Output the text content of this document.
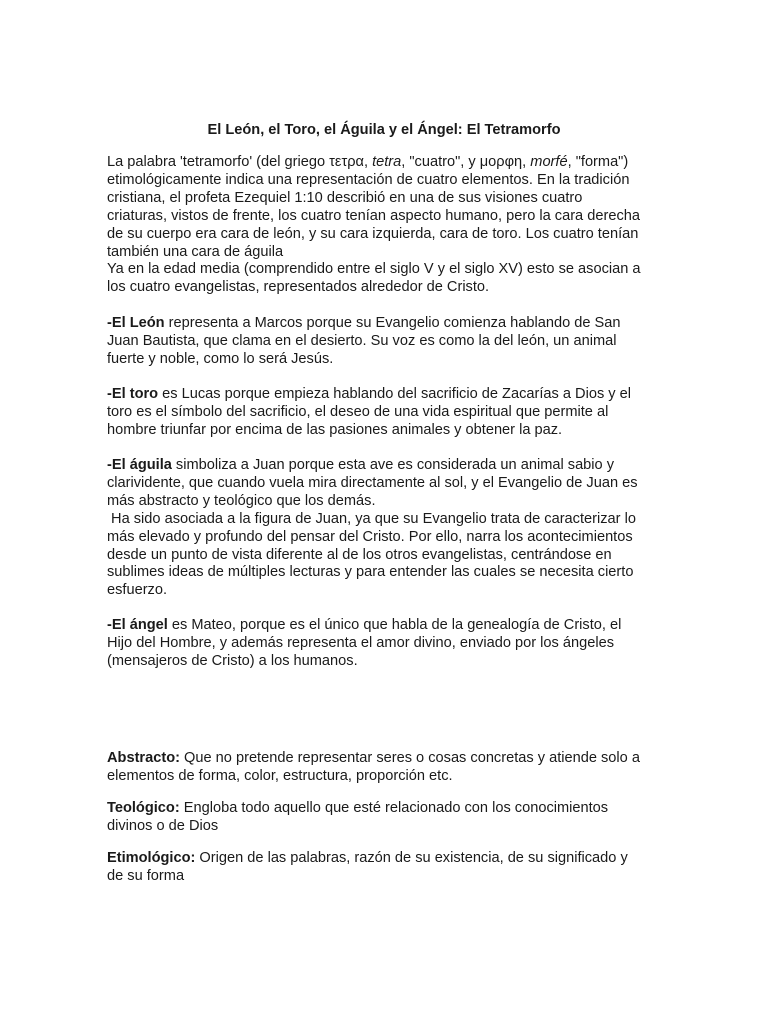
El León, el Toro, el Águila y el Ángel: El Tetramorfo
La palabra 'tetramorfo' (del griego τετρα, tetra, "cuatro", y μορφη, morfé, "forma")
etimológicamente indica una representación de cuatro elementos. En la tradición
cristiana, el profeta Ezequiel 1:10 describió en una de sus visiones cuatro
criaturas, vistos de frente, los cuatro tenían aspecto humano, pero la cara derecha
de su cuerpo era cara de león, y su cara izquierda, cara de toro. Los cuatro tenían
también una cara de águila
Ya en la edad media (comprendido entre el siglo V y el siglo XV) esto se asocian a
los cuatro evangelistas, representados alrededor de Cristo.
-El León representa a Marcos porque su Evangelio comienza hablando de San
Juan Bautista, que clama en el desierto. Su voz es como la del león, un animal
fuerte y noble, como lo será Jesús.
-El toro es Lucas porque empieza hablando del sacrificio de Zacarías a Dios y el
toro es el símbolo del sacrificio, el deseo de una vida espiritual que permite al
hombre triunfar por encima de las pasiones animales y obtener la paz.
-El águila simboliza a Juan porque esta ave es considerada un animal sabio y
clarividente, que cuando vuela mira directamente al sol, y el Evangelio de Juan es
más abstracto y teológico que los demás.
Ha sido asociada a la figura de Juan, ya que su Evangelio trata de caracterizar lo
más elevado y profundo del pensar del Cristo. Por ello, narra los acontecimientos
desde un punto de vista diferente al de los otros evangelistas, centrándose en
sublimes ideas de múltiples lecturas y para entender las cuales se necesita cierto
esfuerzo.
-El ángel es Mateo, porque es el único que habla de la genealogía de Cristo, el
Hijo del Hombre, y además representa el amor divino, enviado por los ángeles
(mensajeros de Cristo) a los humanos.
Abstracto: Que no pretende representar seres o cosas concretas y atiende solo a
elementos de forma, color, estructura, proporción etc.
Teológico: Engloba todo aquello que esté relacionado con los conocimientos
divinos o de Dios
Etimológico: Origen de las palabras, razón de su existencia, de su significado y
de su forma
